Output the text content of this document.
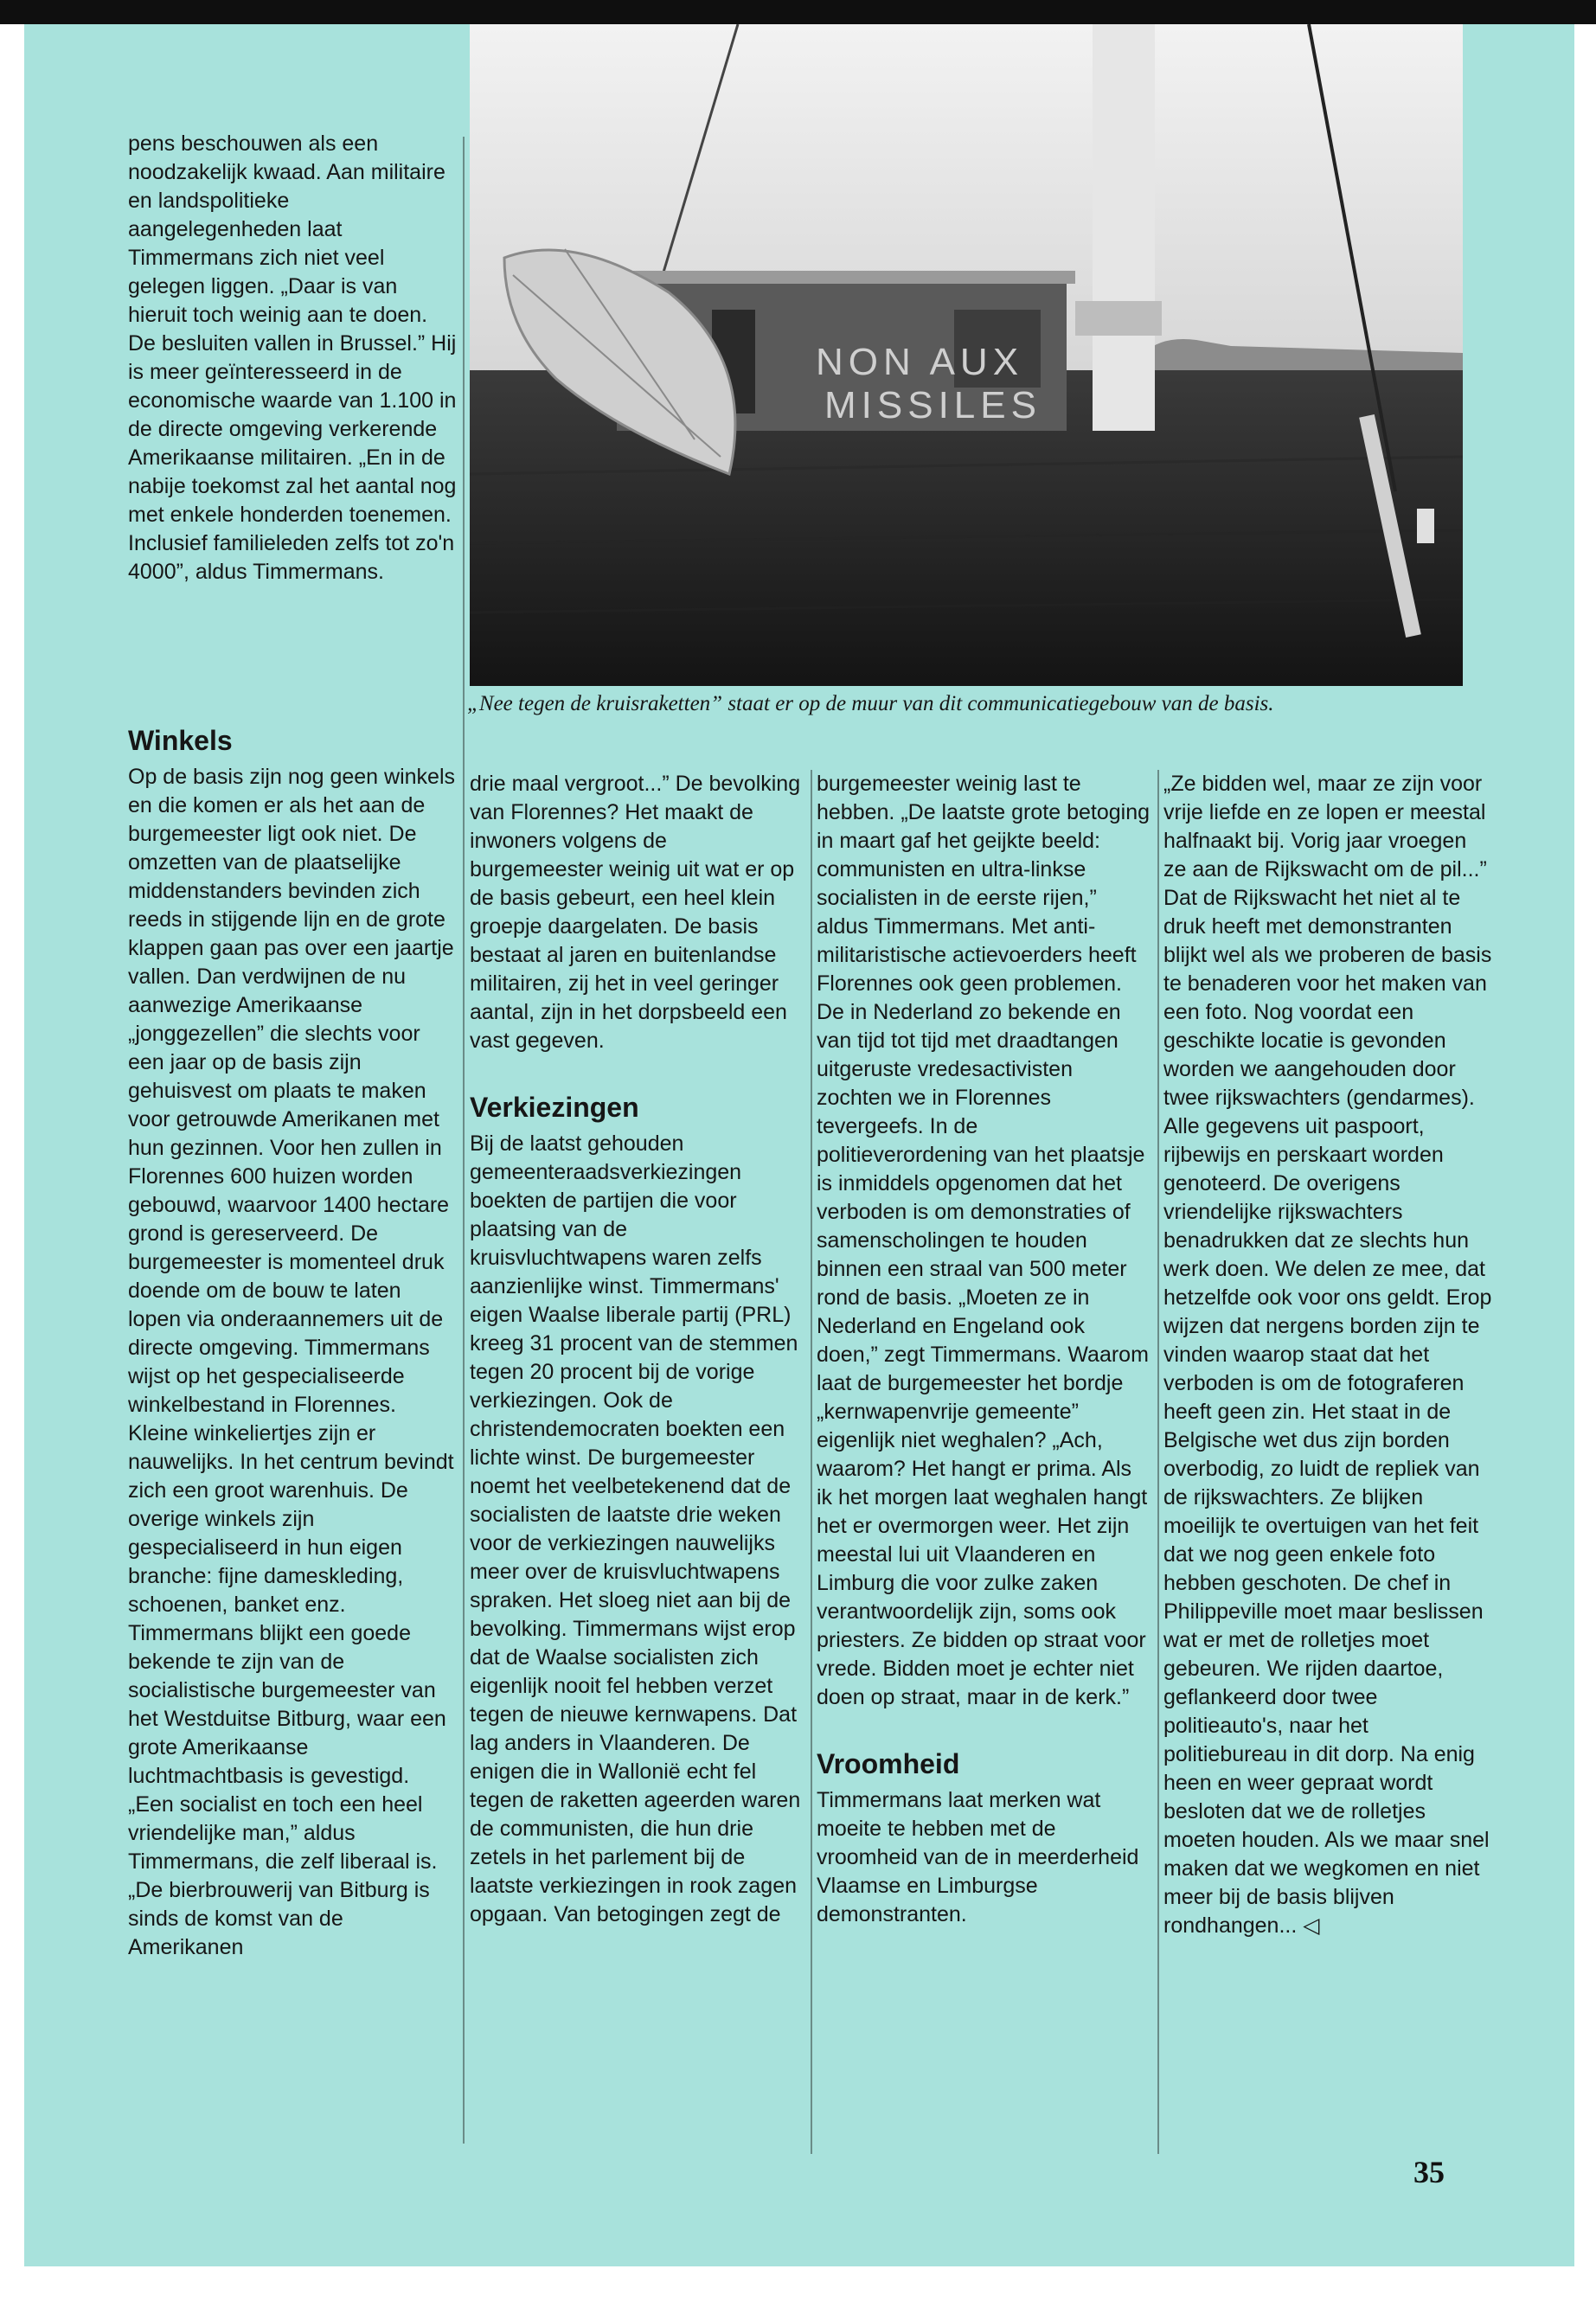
pens beschouwen als een noodzakelijk kwaad. Aan militaire en landspolitieke aangelegenheden laat Timmermans zich niet veel gelegen liggen. „Daar is van hieruit toch weinig aan te doen. De besluiten vallen in Brussel.” Hij is meer geïnteresseerd in de economische waarde van 1.100 in de directe omgeving verkerende Amerikaanse militairen. „En in de nabije toekomst zal het aantal nog met enkele honderden toenemen. Inclusief familieleden zelfs tot zo'n 4000”, aldus Timmermans.

Winkels

Op de basis zijn nog geen winkels en die komen er als het aan de burgemeester ligt ook niet. De omzetten van de plaatselijke middenstanders bevinden zich reeds in stijgende lijn en de grote klappen gaan pas over een jaartje vallen. Dan verdwijnen de nu aanwezige Amerikaanse „jonggezellen” die slechts voor een jaar op de basis zijn gehuisvest om plaats te maken voor getrouwde Amerikanen met hun gezinnen. Voor hen zullen in Florennes 600 huizen worden gebouwd, waarvoor 1400 hectare grond is gereserveerd. De burgemeester is momenteel druk doende om de bouw te laten lopen via onderaannemers uit de directe omgeving. Timmermans wijst op het gespecialiseerde winkelbestand in Florennes. Kleine winkeliertjes zijn er nauwelijks. In het centrum bevindt zich een groot warenhuis. De overige winkels zijn gespecialiseerd in hun eigen branche: fijne dameskleding, schoenen, banket enz. Timmermans blijkt een goede bekende te zijn van de socialistische burgemeester van het Westduitse Bitburg, waar een grote Amerikaanse luchtmachtbasis is gevestigd. „Een socialist en toch een heel vriendelijke man,” aldus Timmermans, die zelf liberaal is. „De bierbrouwerij van Bitburg is sinds de komst van de Amerikanen

NON AUX
MISSILES
„Nee tegen de kruisraketten” staat er op de muur van dit communicatiegebouw van de basis.

drie maal vergroot...” De bevolking van Florennes? Het maakt de inwoners volgens de burgemeester weinig uit wat er op de basis gebeurt, een heel klein groepje daargelaten. De basis bestaat al jaren en buitenlandse militairen, zij het in veel geringer aantal, zijn in het dorpsbeeld een vast gegeven.

Verkiezingen

Bij de laatst gehouden gemeenteraadsverkiezingen boekten de partijen die voor plaatsing van de kruisvluchtwapens waren zelfs aanzienlijke winst. Timmermans' eigen Waalse liberale partij (PRL) kreeg 31 procent van de stemmen tegen 20 procent bij de vorige verkiezingen. Ook de christendemocraten boekten een lichte winst. De burgemeester noemt het veelbetekenend dat de socialisten de laatste drie weken voor de verkiezingen nauwelijks meer over de kruisvluchtwapens spraken. Het sloeg niet aan bij de bevolking. Timmermans wijst erop dat de Waalse socialisten zich eigenlijk nooit fel hebben verzet tegen de nieuwe kernwapens. Dat lag anders in Vlaanderen. De enigen die in Wallonië echt fel tegen de raketten ageerden waren de communisten, die hun drie zetels in het parlement bij de laatste verkiezingen in rook zagen opgaan. Van betogingen zegt de

burgemeester weinig last te hebben. „De laatste grote betoging in maart gaf het geijkte beeld: communisten en ultra-linkse socialisten in de eerste rijen,” aldus Timmermans. Met anti-militaristische actievoerders heeft Florennes ook geen problemen. De in Nederland zo bekende en van tijd tot tijd met draadtangen uitgeruste vredesactivisten zochten we in Florennes tevergeefs. In de politieverordening van het plaatsje is inmiddels opgenomen dat het verboden is om demonstraties of samenscholingen te houden binnen een straal van 500 meter rond de basis. „Moeten ze in Nederland en Engeland ook doen,” zegt Timmermans. Waarom laat de burgemeester het bordje „kernwapenvrije gemeente” eigenlijk niet weghalen? „Ach, waarom? Het hangt er prima. Als ik het morgen laat weghalen hangt het er overmorgen weer. Het zijn meestal lui uit Vlaanderen en Limburg die voor zulke zaken verantwoordelijk zijn, soms ook priesters. Ze bidden op straat voor vrede. Bidden moet je echter niet doen op straat, maar in de kerk.”

Vroomheid

Timmermans laat merken wat moeite te hebben met de vroomheid van de in meerderheid Vlaamse en Limburgse demonstranten.

„Ze bidden wel, maar ze zijn voor vrije liefde en ze lopen er meestal halfnaakt bij. Vorig jaar vroegen ze aan de Rijkswacht om de pil...” Dat de Rijkswacht het niet al te druk heeft met demonstranten blijkt wel als we proberen de basis te benaderen voor het maken van een foto. Nog voordat een geschikte locatie is gevonden worden we aangehouden door twee rijkswachters (gendarmes). Alle gegevens uit paspoort, rijbewijs en perskaart worden genoteerd. De overigens vriendelijke rijkswachters benadrukken dat ze slechts hun werk doen. We delen ze mee, dat hetzelfde ook voor ons geldt. Erop wijzen dat nergens borden zijn te vinden waarop staat dat het verboden is om de fotograferen heeft geen zin. Het staat in de Belgische wet dus zijn borden overbodig, zo luidt de repliek van de rijkswachters. Ze blijken moeilijk te overtuigen van het feit dat we nog geen enkele foto hebben geschoten. De chef in Philippeville moet maar beslissen wat er met de rolletjes moet gebeuren. We rijden daartoe, geflankeerd door twee politieauto's, naar het politiebureau in dit dorp. Na enig heen en weer gepraat wordt besloten dat we de rolletjes moeten houden. Als we maar snel maken dat we wegkomen en niet meer bij de basis blijven rondhangen... ◁

35
